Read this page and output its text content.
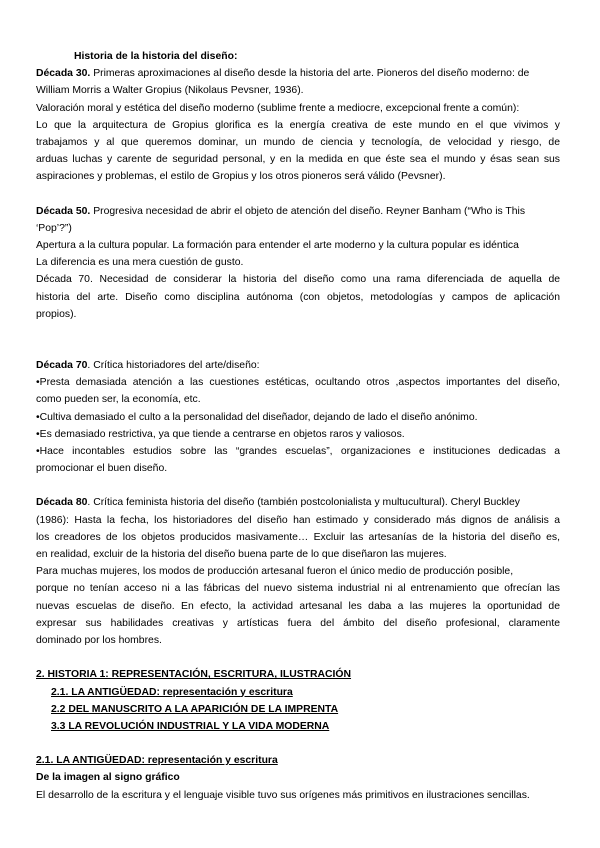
Historia de la historia del diseño:
Década 30. Primeras aproximaciones al diseño desde la historia del arte. Pioneros del diseño moderno: de
William Morris a Walter Gropius (Nikolaus Pevsner, 1936).
Valoración moral y estética del diseño moderno (sublime frente a mediocre, excepcional frente a común):
Lo que la arquitectura de Gropius glorifica es la energía creativa de este mundo en el que vivimos y
trabajamos y al que queremos dominar, un mundo de ciencia y tecnología, de velocidad y riesgo, de
arduas luchas y carente de seguridad personal, y en la medida en que éste sea el mundo y ésas sean sus
aspiraciones y problemas, el estilo de Gropius y los otros pioneros será válido (Pevsner).
Década 50. Progresiva necesidad de abrir el objeto de atención del diseño. Reyner Banham (“Who is This
‘Pop’?”)
Apertura a la cultura popular. La formación para entender el arte moderno y la cultura popular es idéntica
La diferencia es una mera cuestión de gusto.
Década 70. Necesidad de considerar la historia del diseño como una rama diferenciada de aquella de
historia del arte. Diseño como disciplina autónoma (con objetos, metodologías y campos de aplicación
propios).
Década 70. Crítica historiadores del arte/diseño:
•Presta demasiada atención a las cuestiones estéticas, ocultando otros ,aspectos importantes del diseño,
como pueden ser, la economía, etc.
•Cultiva demasiado el culto a la personalidad del diseñador, dejando de lado el diseño anónimo.
•Es demasiado restrictiva, ya que tiende a centrarse en objetos raros y valiosos.
•Hace incontables estudios sobre las “grandes escuelas”, organizaciones e instituciones dedicadas a
promocionar el buen diseño.
Década 80. Crítica feminista historia del diseño (también postcolonialista y multucultural). Cheryl Buckley
(1986): Hasta la fecha, los historiadores del diseño han estimado y considerado más dignos de análisis a
los creadores de los objetos producidos masivamente… Excluir las artesanías de la historia del diseño es,
en realidad, excluir de la historia del diseño buena parte de lo que diseñaron las mujeres.
Para muchas mujeres, los modos de producción artesanal fueron el único medio de producción posible,
porque no tenían acceso ni a las fábricas del nuevo sistema industrial ni al entrenamiento que ofrecían las
nuevas escuelas de diseño. En efecto, la actividad artesanal les daba a las mujeres la oportunidad de
expresar sus habilidades creativas y artísticas fuera del ámbito del diseño profesional, claramente
dominado por los hombres.
2. HISTORIA 1: REPRESENTACIÓN, ESCRITURA, ILUSTRACIÓN
2.1. LA ANTIGÜEDAD: representación y escritura
2.2 DEL MANUSCRITO A LA APARICIÓN DE LA IMPRENTA
3.3 LA REVOLUCIÓN INDUSTRIAL Y LA VIDA MODERNA
2.1. LA ANTIGÜEDAD: representación y escritura
De la imagen al signo gráfico
El desarrollo de la escritura y el lenguaje visible tuvo sus orígenes más primitivos en ilustraciones sencillas.
